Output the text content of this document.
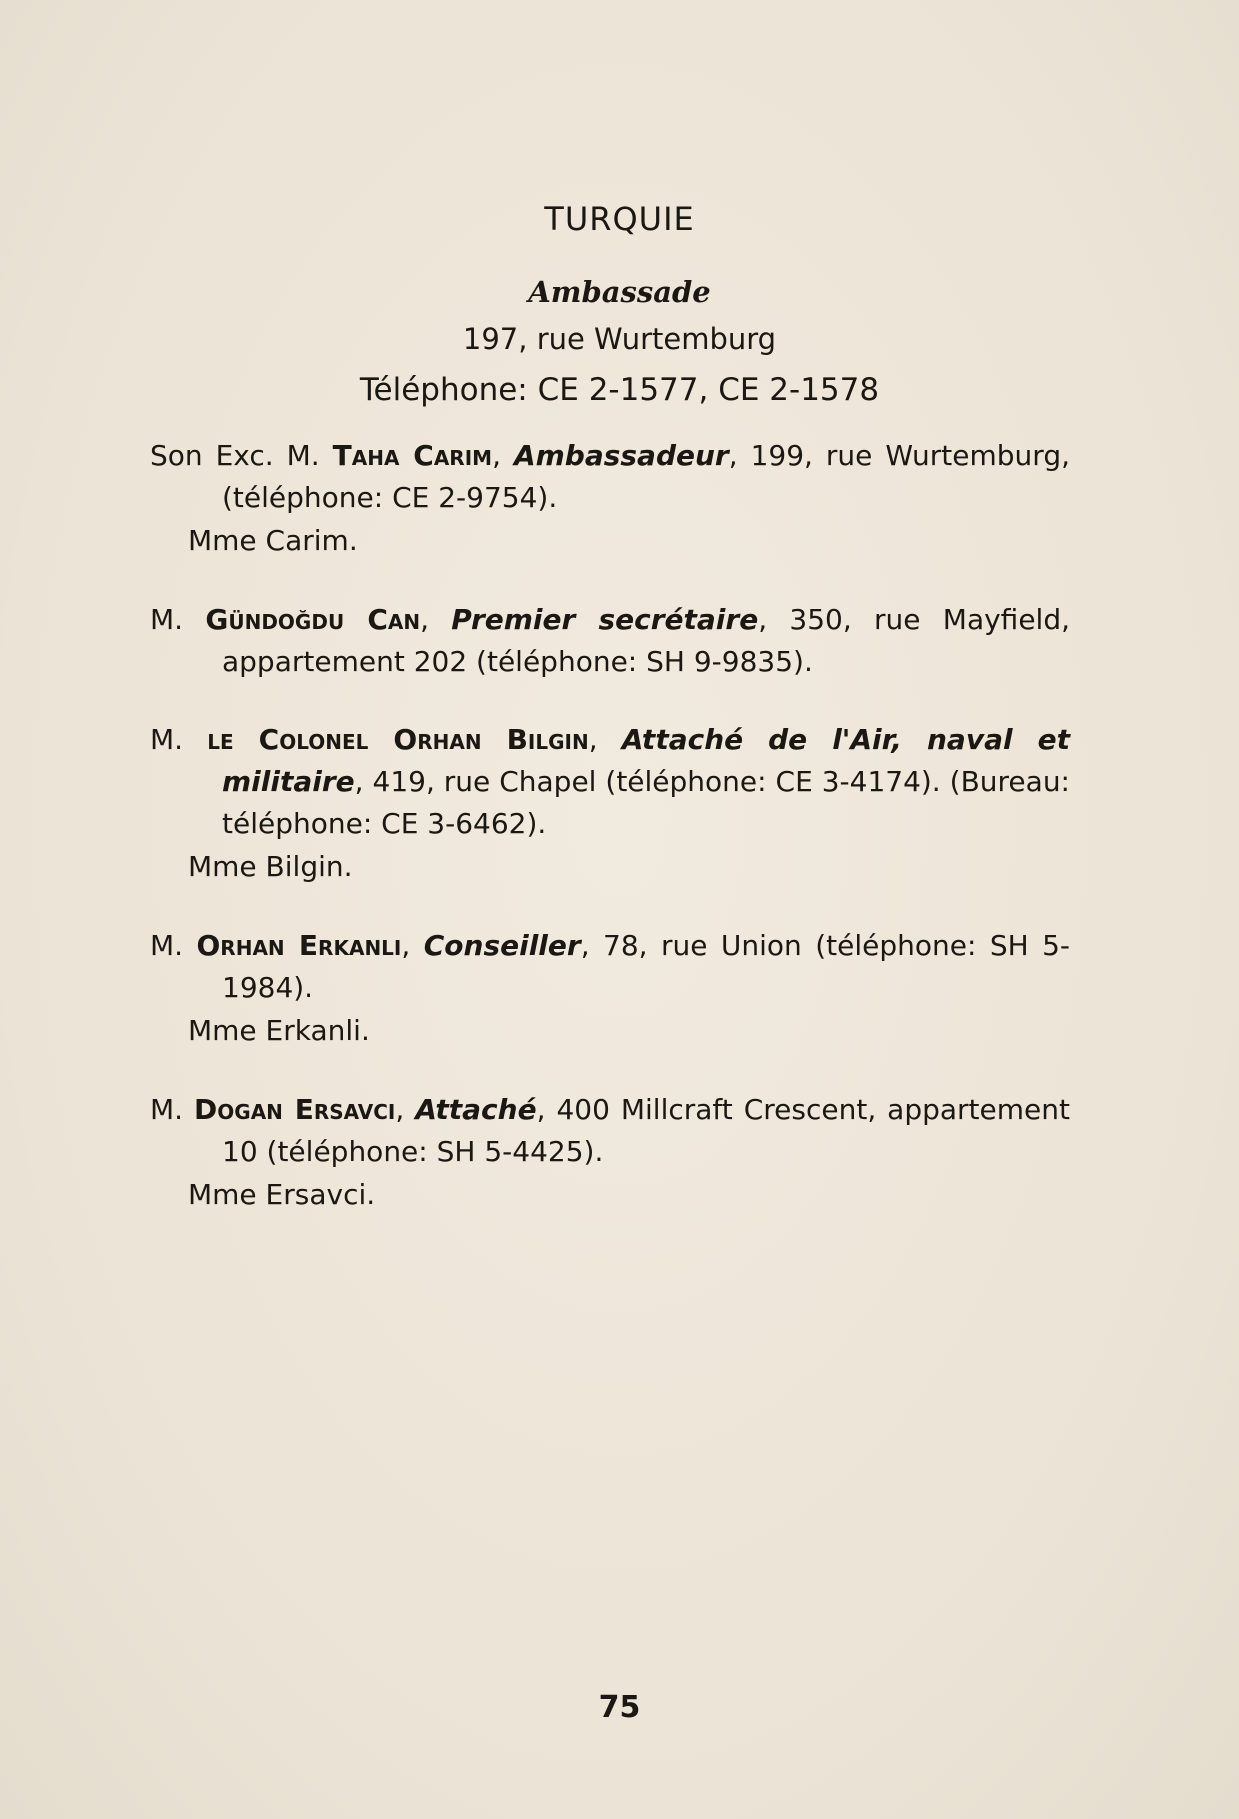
TURQUIE
Ambassade
197, rue Wurtemburg
Téléphone: CE 2-1577, CE 2-1578
Son Exc. M. Taha Carim, Ambassadeur, 199, rue Wurtemburg, (téléphone: CE 2-9754).
Mme Carim.
M. Gündoğdu Can, Premier secrétaire, 350, rue Mayfield, appartement 202 (téléphone: SH 9-9835).
M. le Colonel Orhan Bilgin, Attaché de l'Air, naval et militaire, 419, rue Chapel (téléphone: CE 3-4174). (Bureau: téléphone: CE 3-6462).
Mme Bilgin.
M. Orhan Erkanli, Conseiller, 78, rue Union (téléphone: SH 5-1984).
Mme Erkanli.
M. Dogan Ersavci, Attaché, 400 Millcraft Crescent, appartement 10 (téléphone: SH 5-4425).
Mme Ersavci.
75
